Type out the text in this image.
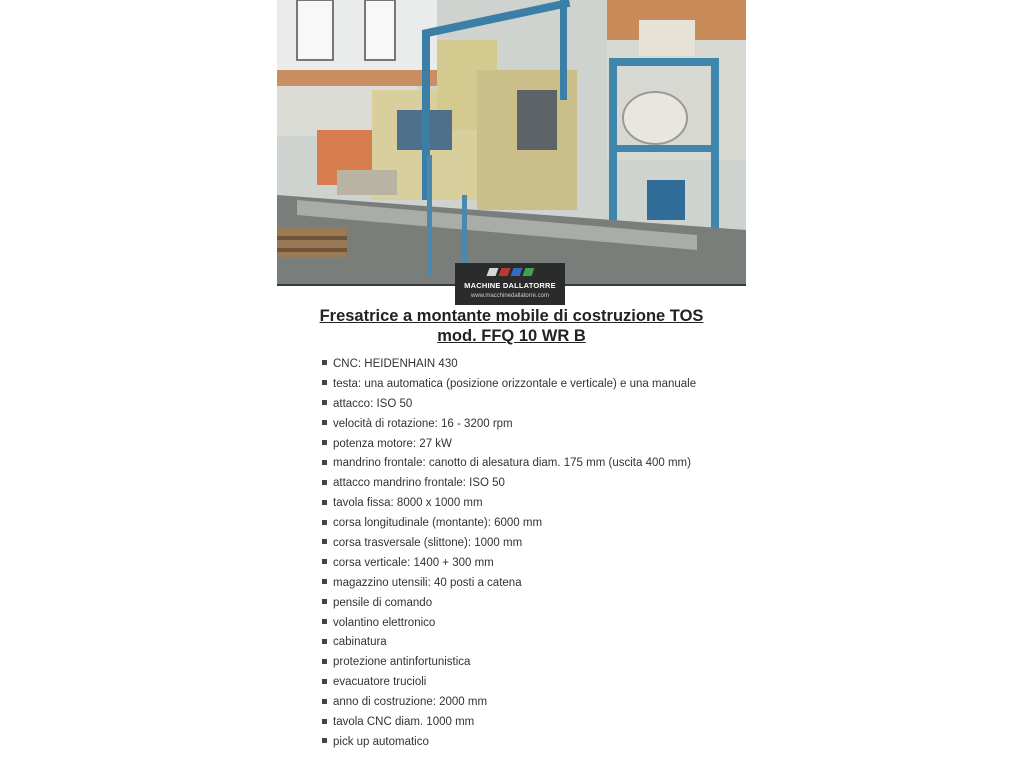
MACHINE DALLATORRE
www.macchinedallatorre.com
Fresatrice a montante mobile di costruzione TOS
mod. FFQ 10 WR B
CNC: HEIDENHAIN 430
testa: una automatica (posizione orizzontale e verticale) e una manuale
attacco: ISO 50
velocità di rotazione: 16 - 3200 rpm
potenza motore: 27 kW
mandrino frontale: canotto di alesatura diam. 175 mm (uscita 400 mm)
attacco mandrino frontale: ISO 50
tavola fissa: 8000 x 1000 mm
corsa longitudinale (montante): 6000 mm
corsa trasversale (slittone): 1000 mm
corsa verticale: 1400 + 300 mm
magazzino utensili: 40 posti a catena
pensile di comando
volantino elettronico
cabinatura
protezione antinfortunistica
evacuatore trucioli
anno di costruzione: 2000 mm
tavola CNC diam. 1000 mm
pick up automatico
